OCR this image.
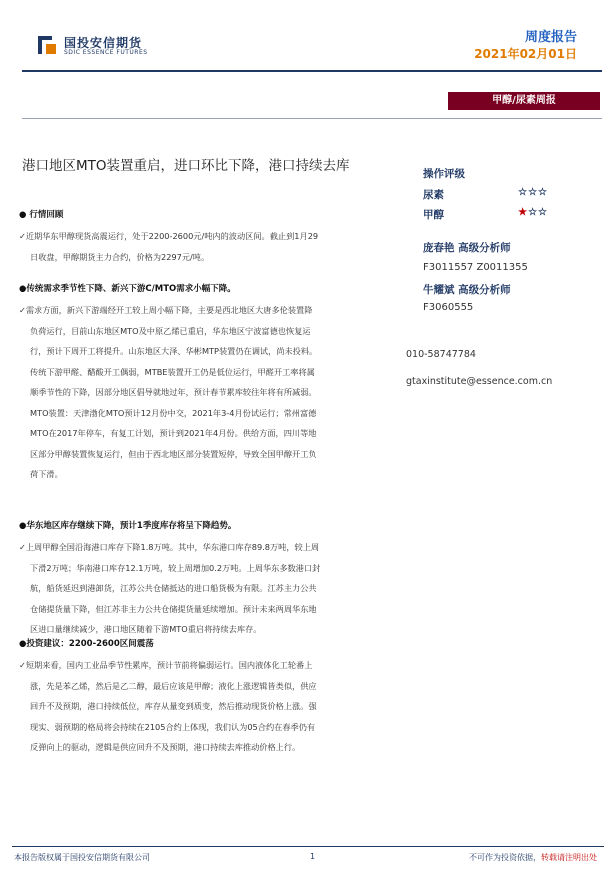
国投安信期货
SDIC ESSENCE FUTURES
周度报告
2021年02月01日
甲醇/尿素周报
港口地区MTO装置重启，进口环比下降，港口持续去库	操作评级
尿素	☆☆☆
甲醇	★☆☆
庞春艳 高级分析师
F3011557 Z0011355
牛耀斌 高级分析师
F3060555
010-58747784
gtaxinstitute@essence.com.cn
● 行情回顾
✓近期华东甲醇现货高震运行，处于2200-2600元/吨内的波动区间。截止到1月29
日收盘，甲醇期货主力合约，价格为2297元/吨。
●传统需求季节性下降、新兴下游C/MTO需求小幅下降。
✓需求方面，新兴下游端经开工较上周小幅下降，主要是西北地区大唐多伦装置降
负荷运行，目前山东地区MTO及中原乙烯已重启，华东地区宁波富德也恢复运
行，预计下周开工将提升。山东地区大泽、华彬MTP装置仍在调试，尚未投料。
传统下游甲醛、醋酸开工偶弱，MTBE装置开工仍是低位运行，甲醛开工率将属
顺季节性的下降，因部分地区倡导就地过年，预计春节累库较往年将有所减弱。
MTO装置：天津渤化MTO预计12月份中交，2021年3-4月份试运行；常州富德
MTO在2017年停车，有复工计划，预计到2021年4月份。供给方面，四川等地
区部分甲醇装置恢复运行，但由于西北地区部分装置短停，导致全国甲醇开工负
荷下滑。
●华东地区库存继续下降，预计1季度库存将呈下降趋势。
✓上周甲醇全国沿海港口库存下降1.8万吨。其中，华东港口库存89.8万吨，较上周
下滑2万吨；华南港口库存12.1万吨，较上周增加0.2万吨。上周华东多数港口封
航，船货延迟到港卸货，江苏公共仓储抵达的进口船货极为有限。江苏主力公共
仓储提货量下降，但江苏非主力公共仓储提货量延续增加。预计未来两周华东地
区进口量继续减少，港口地区随着下游MTO重启将持续去库存。
●投资建议：2200-2600区间震荡
✓短期来看，国内工业品季节性累库，预计节前将偏弱运行。国内液体化工轮番上
涨，先是苯乙烯，然后是乙二醇，最后应该是甲醇；液化上涨逻辑皆类似，供应
回升不及预期，港口持续低位，库存从量变到质变，然后推动现货价格上涨。强
现实、弱预期的格局将会持续在2105合约上体现，我们认为05合约在春季仍有
反弹向上的驱动，逻辑是供应回升不及预期，港口持续去库推动价格上行。
本报告版权属于国投安信期货有限公司	1	不可作为投资依据，转载请注明出处
